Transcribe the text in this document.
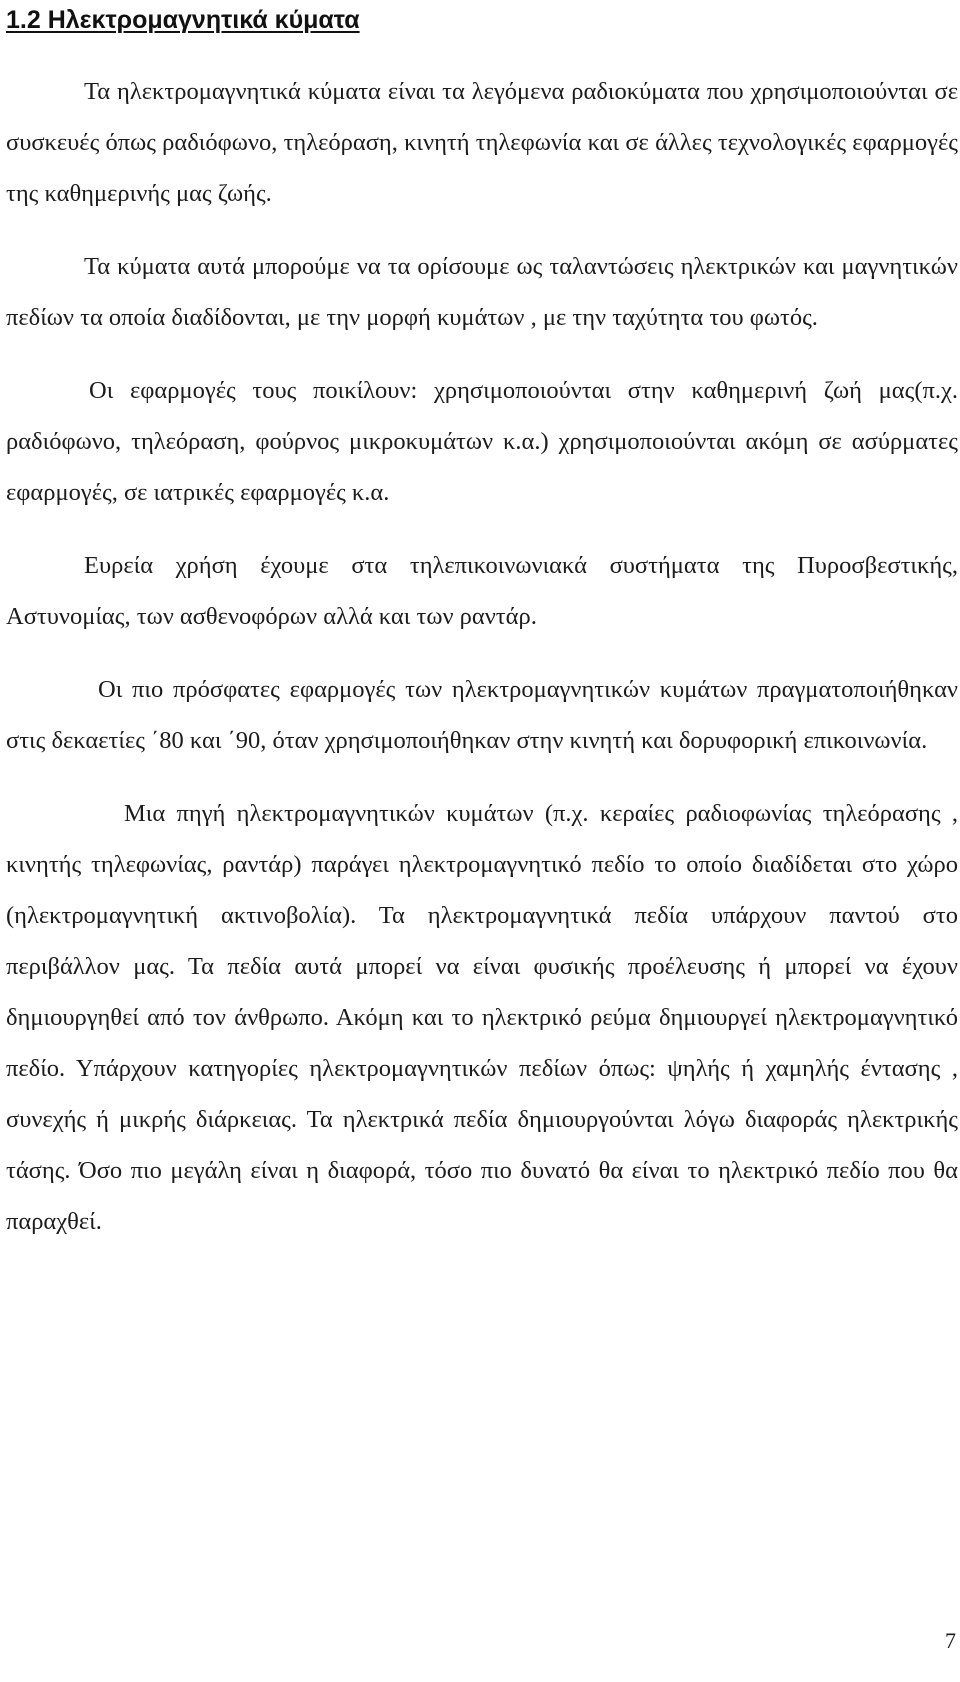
1.2 Ηλεκτρομαγνητικά κύματα

Τα ηλεκτρομαγνητικά κύματα είναι τα λεγόμενα ραδιοκύματα που χρησιμοποιούνται σε συσκευές όπως ραδιόφωνο, τηλεόραση, κινητή τηλεφωνία και σε άλλες τεχνολογικές εφαρμογές της καθημερινής μας ζωής.

Τα κύματα αυτά μπορούμε να τα ορίσουμε ως ταλαντώσεις ηλεκτρικών και μαγνητικών πεδίων τα οποία διαδίδονται, με την μορφή κυμάτων , με την ταχύτητα του φωτός.

Οι εφαρμογές τους ποικίλουν: χρησιμοποιούνται στην καθημερινή ζωή μας(π.χ. ραδιόφωνο, τηλεόραση, φούρνος μικροκυμάτων κ.α.) χρησιμοποιούνται ακόμη σε ασύρματες εφαρμογές, σε ιατρικές εφαρμογές κ.α.

Ευρεία χρήση έχουμε στα τηλεπικοινωνιακά συστήματα της Πυροσβεστικής, Αστυνομίας, των ασθενοφόρων αλλά και των ραντάρ.

Οι πιο πρόσφατες εφαρμογές των ηλεκτρομαγνητικών κυμάτων πραγματοποιήθηκαν στις δεκαετίες ΄80 και ΄90, όταν χρησιμοποιήθηκαν στην κινητή και δορυφορική επικοινωνία.

Μια πηγή ηλεκτρομαγνητικών κυμάτων (π.χ. κεραίες ραδιοφωνίας τηλεόρασης , κινητής τηλεφωνίας, ραντάρ) παράγει ηλεκτρομαγνητικό πεδίο το οποίο διαδίδεται στο χώρο (ηλεκτρομαγνητική ακτινοβολία). Τα ηλεκτρομαγνητικά πεδία υπάρχουν παντού στο περιβάλλον μας. Τα πεδία αυτά μπορεί να είναι φυσικής προέλευσης ή μπορεί να έχουν δημιουργηθεί από τον άνθρωπο. Ακόμη και το ηλεκτρικό ρεύμα δημιουργεί ηλεκτρομαγνητικό πεδίο. Υπάρχουν κατηγορίες ηλεκτρομαγνητικών πεδίων όπως: ψηλής ή χαμηλής έντασης , συνεχής ή μικρής διάρκειας. Τα ηλεκτρικά πεδία δημιουργούνται λόγω διαφοράς ηλεκτρικής τάσης. Όσο πιο μεγάλη είναι η διαφορά, τόσο πιο δυνατό θα είναι το ηλεκτρικό πεδίο που θα παραχθεί.

7
